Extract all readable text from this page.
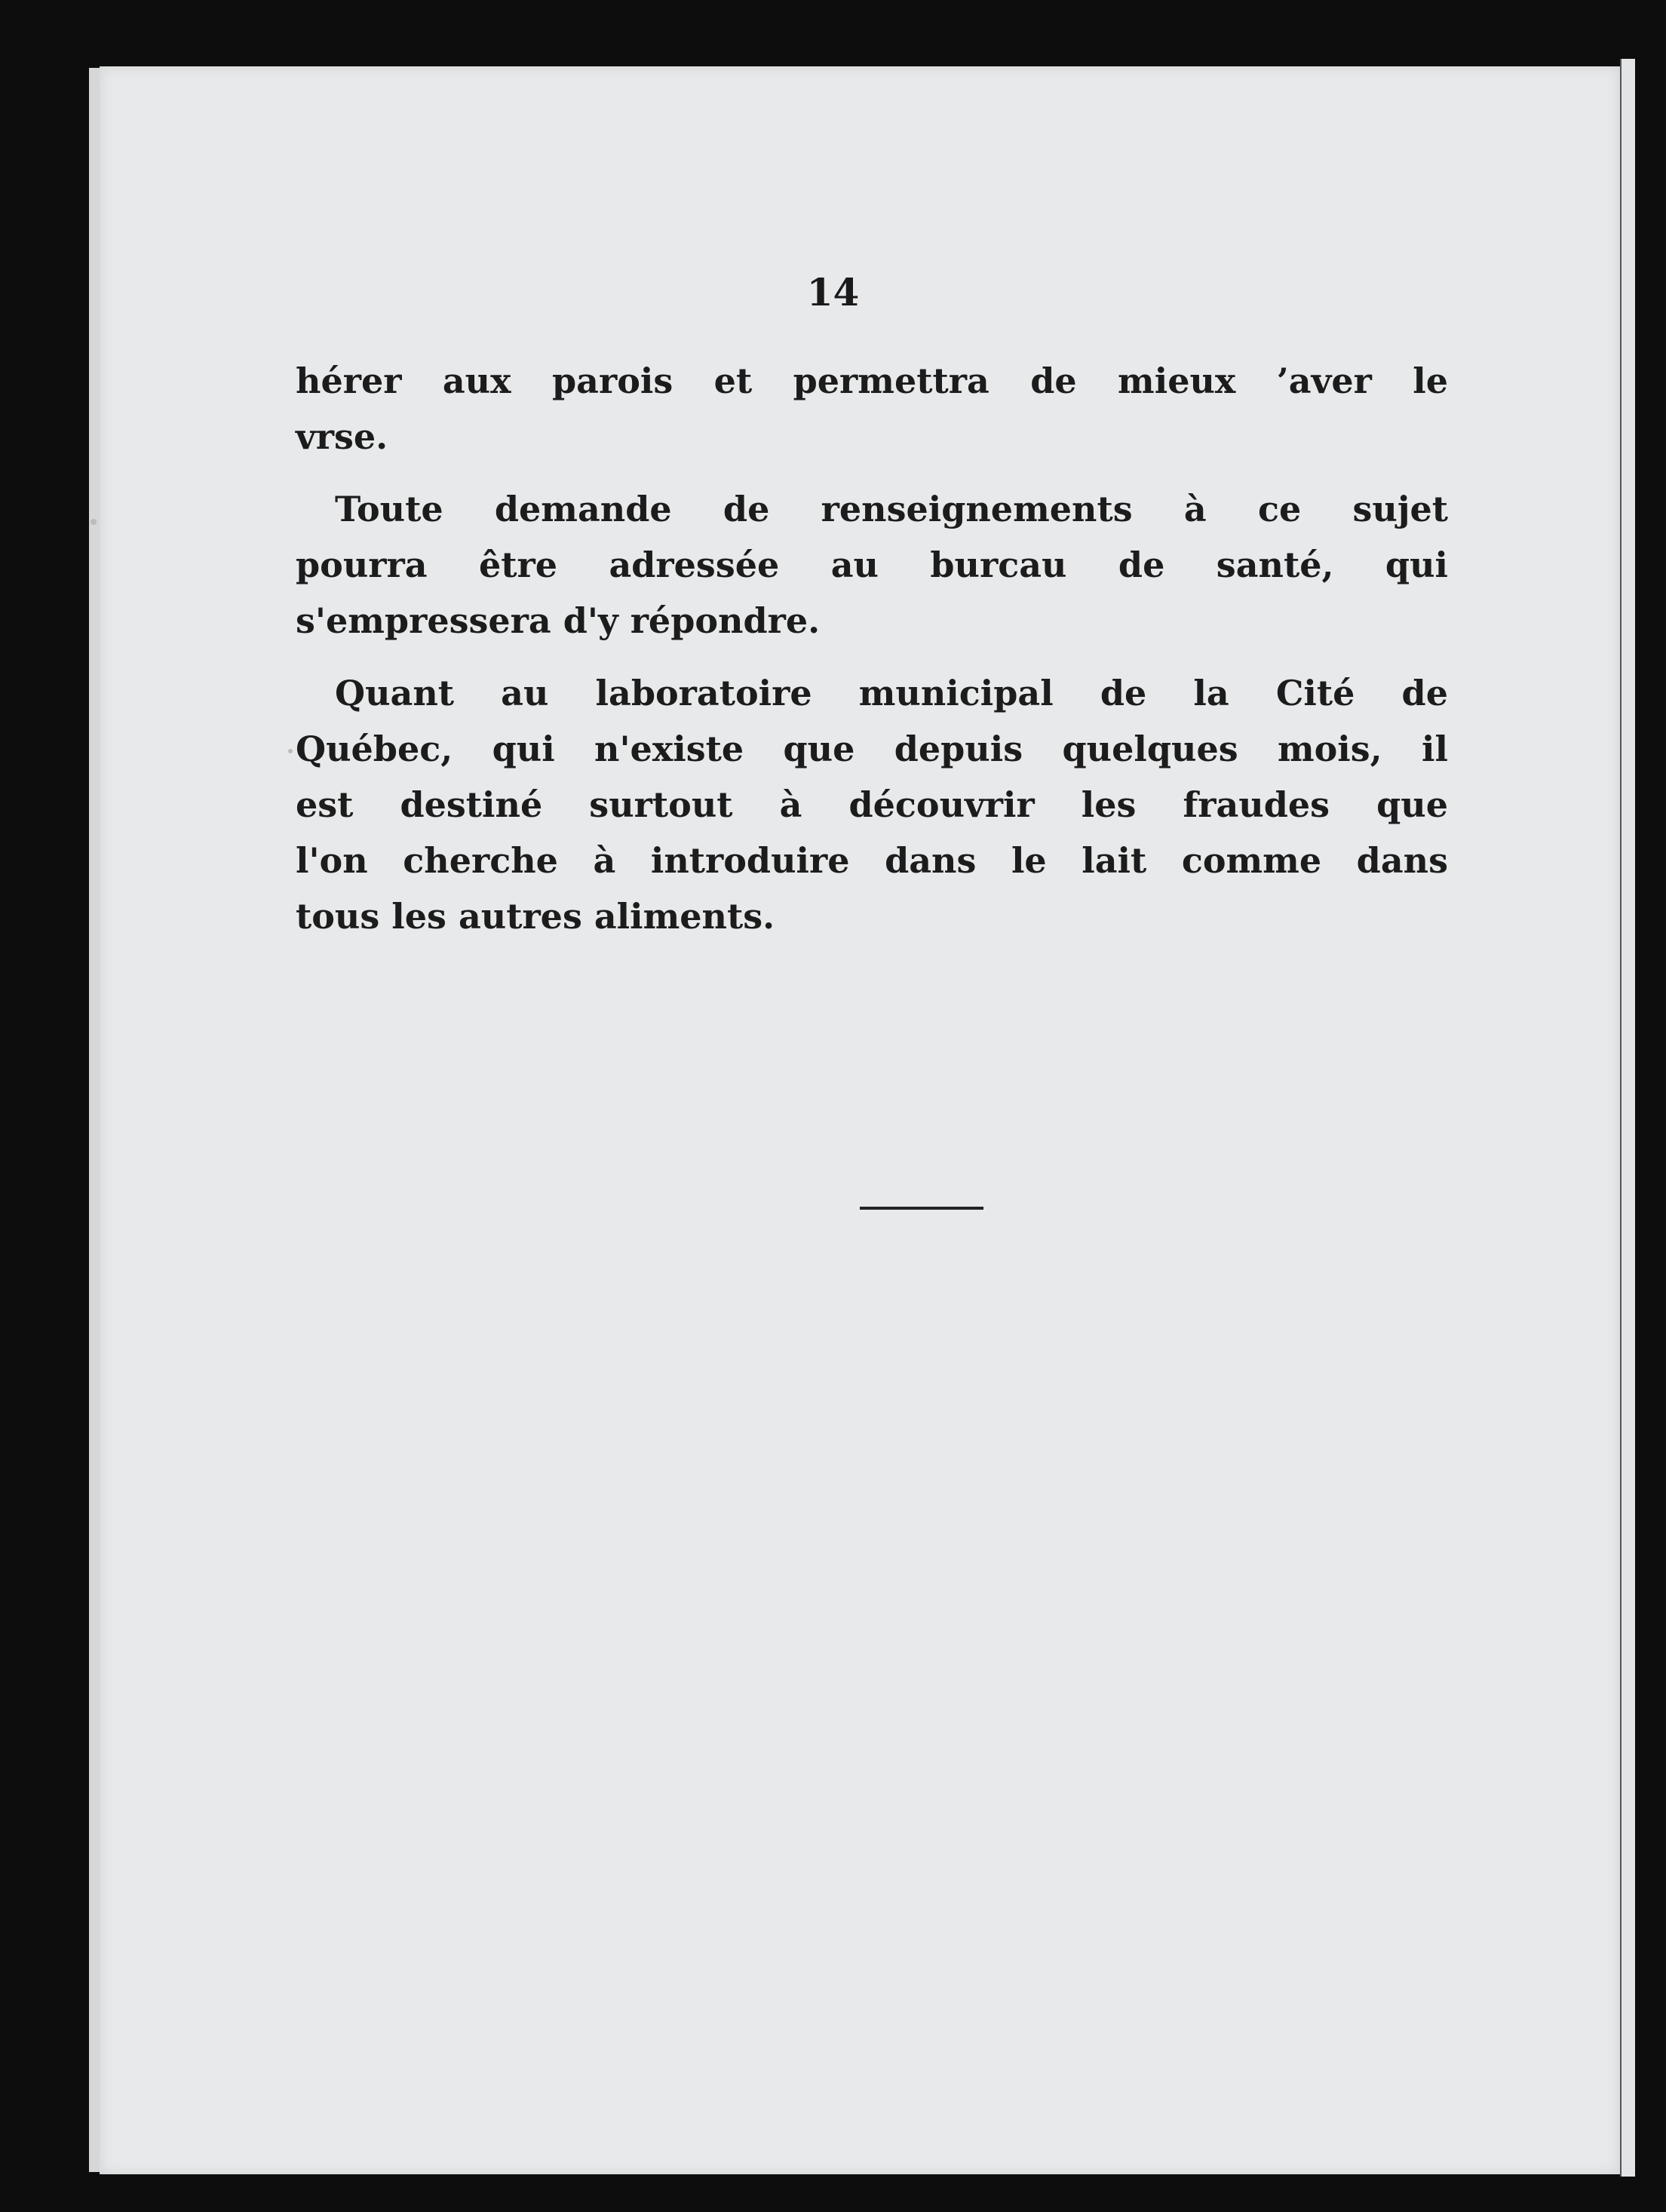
14

hérer aux parois et permettra de mieux ’aver le
vrse.

Toute demande de renseignements à ce sujet
pourra être adressée au burcau de santé, qui
s'empressera d'y répondre.

Quant au laboratoire municipal de la Cité de
Québec, qui n'existe que depuis quelques mois, il
est destiné surtout à découvrir les fraudes que
l'on cherche à introduire dans le lait comme dans
tous les autres aliments.
